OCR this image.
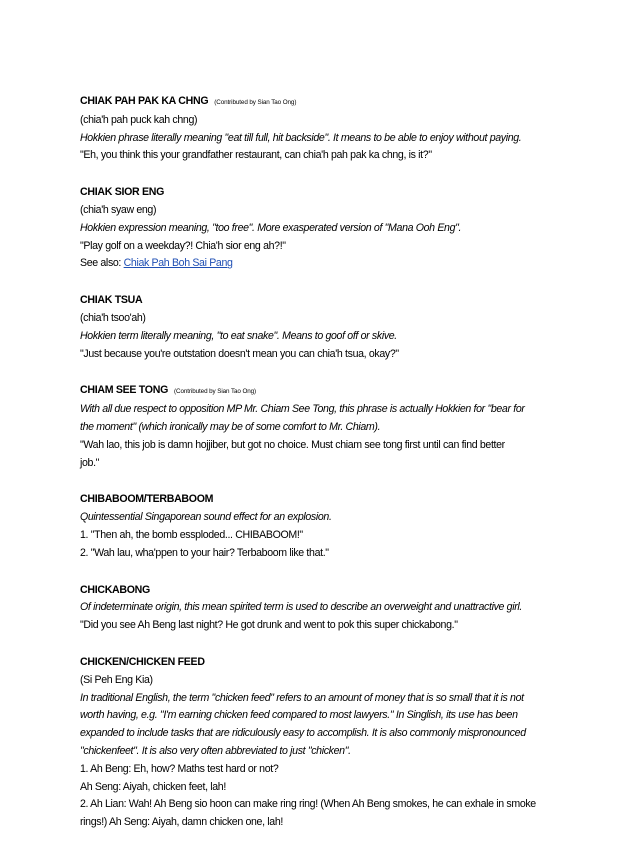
CHIAK PAH PAK KA CHNG (Contributed by Sian Tao Ong)
(chia'h pah puck kah chng)
Hokkien phrase literally meaning "eat till full, hit backside". It means to be able to enjoy without paying.
"Eh, you think this your grandfather restaurant, can chia'h pah pak ka chng, is it?"
CHIAK SIOR ENG
(chia'h syaw eng)
Hokkien expression meaning, "too free". More exasperated version of "Mana Ooh Eng".
"Play golf on a weekday?! Chia'h sior eng ah?!"
See also: Chiak Pah Boh Sai Pang
CHIAK TSUA
(chia'h tsoo'ah)
Hokkien term literally meaning, "to eat snake". Means to goof off or skive.
"Just because you're outstation doesn't mean you can chia'h tsua, okay?"
CHIAM SEE TONG (Contributed by Sian Tao Ong)
With all due respect to opposition MP Mr. Chiam See Tong, this phrase is actually Hokkien for "bear for
the moment" (which ironically may be of some comfort to Mr. Chiam).
"Wah lao, this job is damn hojjiber, but got no choice. Must chiam see tong first until can find better
job."
CHIBABOOM/TERBABOOM
Quintessential Singaporean sound effect for an explosion.
1. "Then ah, the bomb essploded... CHIBABOOM!"
2. "Wah lau, wha'ppen to your hair? Terbaboom like that."
CHICKABONG
Of indeterminate origin, this mean spirited term is used to describe an overweight and unattractive girl.
"Did you see Ah Beng last night? He got drunk and went to pok this super chickabong."
CHICKEN/CHICKEN FEED
(Si Peh Eng Kia)
In traditional English, the term "chicken feed" refers to an amount of money that is so small that it is not
worth having, e.g. "I'm earning chicken feed compared to most lawyers." In Singlish, its use has been
expanded to include tasks that are ridiculously easy to accomplish. It is also commonly mispronounced
"chickenfeet". It is also very often abbreviated to just "chicken".
1. Ah Beng: Eh, how? Maths test hard or not?
Ah Seng: Aiyah, chicken feet, lah!
2. Ah Lian: Wah! Ah Beng sio hoon can make ring ring! (When Ah Beng smokes, he can exhale in smoke
rings!) Ah Seng: Aiyah, damn chicken one, lah!
